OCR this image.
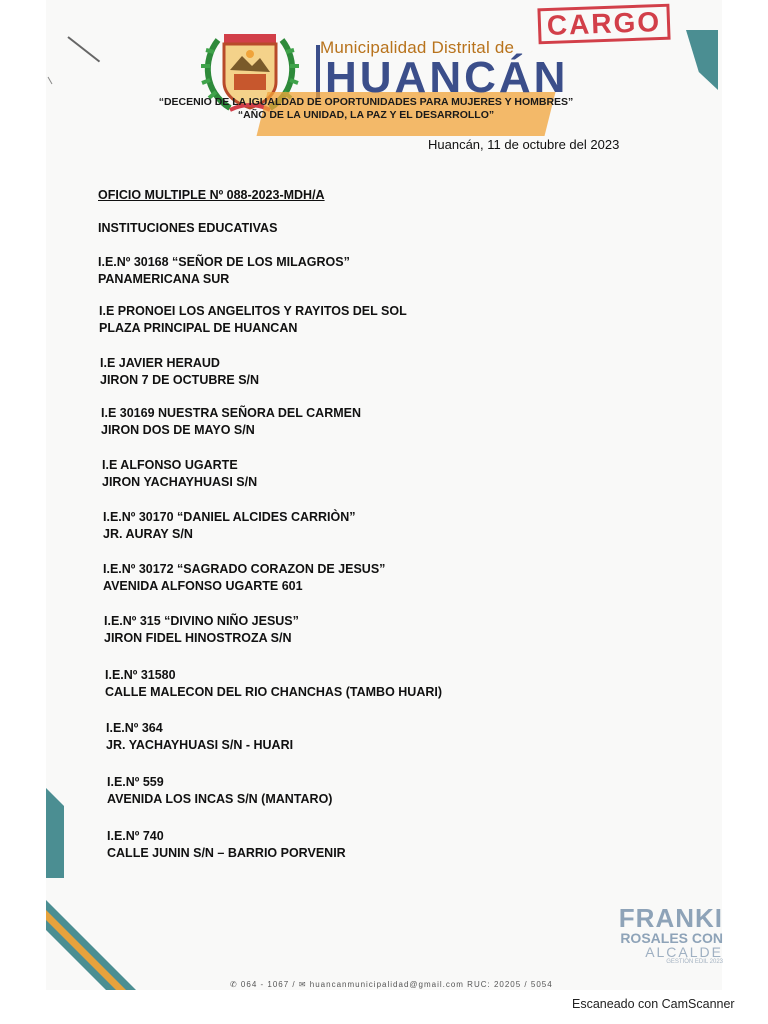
Municipalidad Distrital de
HUANCÁN
CARGO
“DECENIO DE LA IGUALDAD DE OPORTUNIDADES PARA MUJERES Y HOMBRES”
“AÑO DE LA UNIDAD, LA PAZ Y EL DESARROLLO”
Huancán, 11 de octubre del 2023
OFICIO MULTIPLE Nº 088-2023-MDH/A
INSTITUCIONES EDUCATIVAS
I.E.Nº 30168 “SEÑOR DE LOS MILAGROS”
PANAMERICANA SUR
I.E PRONOEI LOS ANGELITOS Y RAYITOS DEL SOL
PLAZA PRINCIPAL DE HUANCAN
I.E JAVIER HERAUD
JIRON 7 DE OCTUBRE S/N
I.E 30169 NUESTRA SEÑORA DEL CARMEN
JIRON DOS DE MAYO S/N
I.E ALFONSO UGARTE
JIRON YACHAYHUASI S/N
I.E.Nº 30170 “DANIEL ALCIDES CARRIÒN”
JR. AURAY S/N
I.E.Nº 30172 “SAGRADO CORAZON DE JESUS”
AVENIDA ALFONSO UGARTE 601
I.E.Nº 315 “DIVINO NIÑO JESUS”
JIRON FIDEL HINOSTROZA S/N
I.E.Nº 31580
CALLE MALECON DEL RIO CHANCHAS (TAMBO HUARI)
I.E.Nº 364
JR. YACHAYHUASI S/N - HUARI
I.E.Nº 559
AVENIDA LOS INCAS S/N (MANTARO)
I.E.Nº 740
CALLE JUNIN S/N – BARRIO PORVENIR
FRANKI
ROSALES CON
ALCALDE
GESTIÓN EDIL 2023
✆ 064 - 1067 / ✉ huancanmunicipalidad@gmail.com RUC: 20205 / 5054
Escaneado con CamScanner
